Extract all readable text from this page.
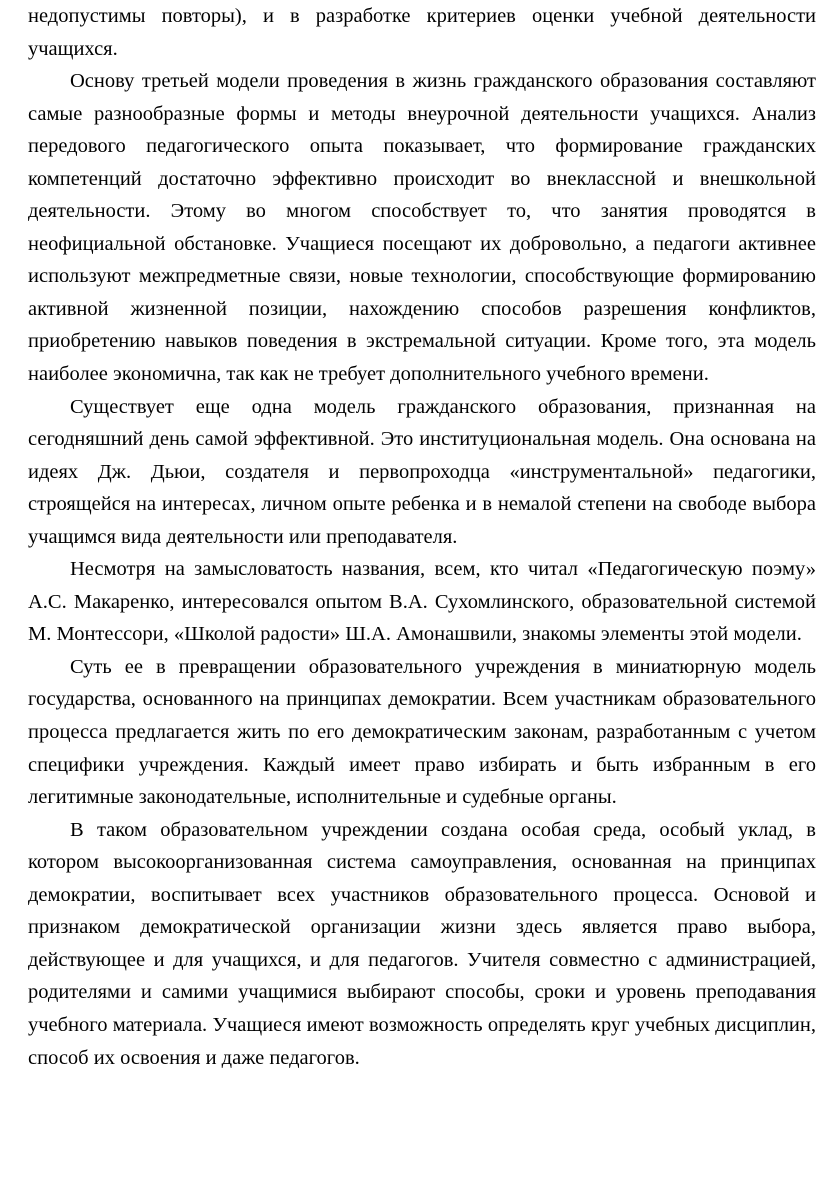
недопустимы повторы), и в разработке критериев оценки учебной деятельности учащихся.

Основу третьей модели проведения в жизнь гражданского образования составляют самые разнообразные формы и методы внеурочной деятельности учащихся. Анализ передового педагогического опыта показывает, что формирование гражданских компетенций достаточно эффективно происходит во внеклассной и внешкольной деятельности. Этому во многом способствует то, что занятия проводятся в неофициальной обстановке. Учащиеся посещают их добровольно, а педагоги активнее используют межпредметные связи, новые технологии, способствующие формированию активной жизненной позиции, нахождению способов разрешения конфликтов, приобретению навыков поведения в экстремальной ситуации. Кроме того, эта модель наиболее экономична, так как не требует дополнительного учебного времени.

Существует еще одна модель гражданского образования, признанная на сегодняшний день самой эффективной. Это институциональная модель. Она основана на идеях Дж. Дьюи, создателя и первопроходца «инструментальной» педагогики, строящейся на интересах, личном опыте ребенка и в немалой степени на свободе выбора учащимся вида деятельности или преподавателя.

Несмотря на замысловатость названия, всем, кто читал «Педагогическую поэму» А.С. Макаренко, интересовался опытом В.А. Сухомлинского, образовательной системой М. Монтессори, «Школой радости» Ш.А. Амонашвили, знакомы элементы этой модели.

Суть ее в превращении образовательного учреждения в миниатюрную модель государства, основанного на принципах демократии. Всем участникам образовательного процесса предлагается жить по его демократическим законам, разработанным с учетом специфики учреждения. Каждый имеет право избирать и быть избранным в его легитимные законодательные, исполнительные и судебные органы.

В таком образовательном учреждении создана особая среда, особый уклад, в котором высокоорганизованная система самоуправления, основанная на принципах демократии, воспитывает всех участников образовательного процесса. Основой и признаком демократической организации жизни здесь является право выбора, действующее и для учащихся, и для педагогов. Учителя совместно с администрацией, родителями и самими учащимися выбирают способы, сроки и уровень преподавания учебного материала. Учащиеся имеют возможность определять круг учебных дисциплин, способ их освоения и даже педагогов.
